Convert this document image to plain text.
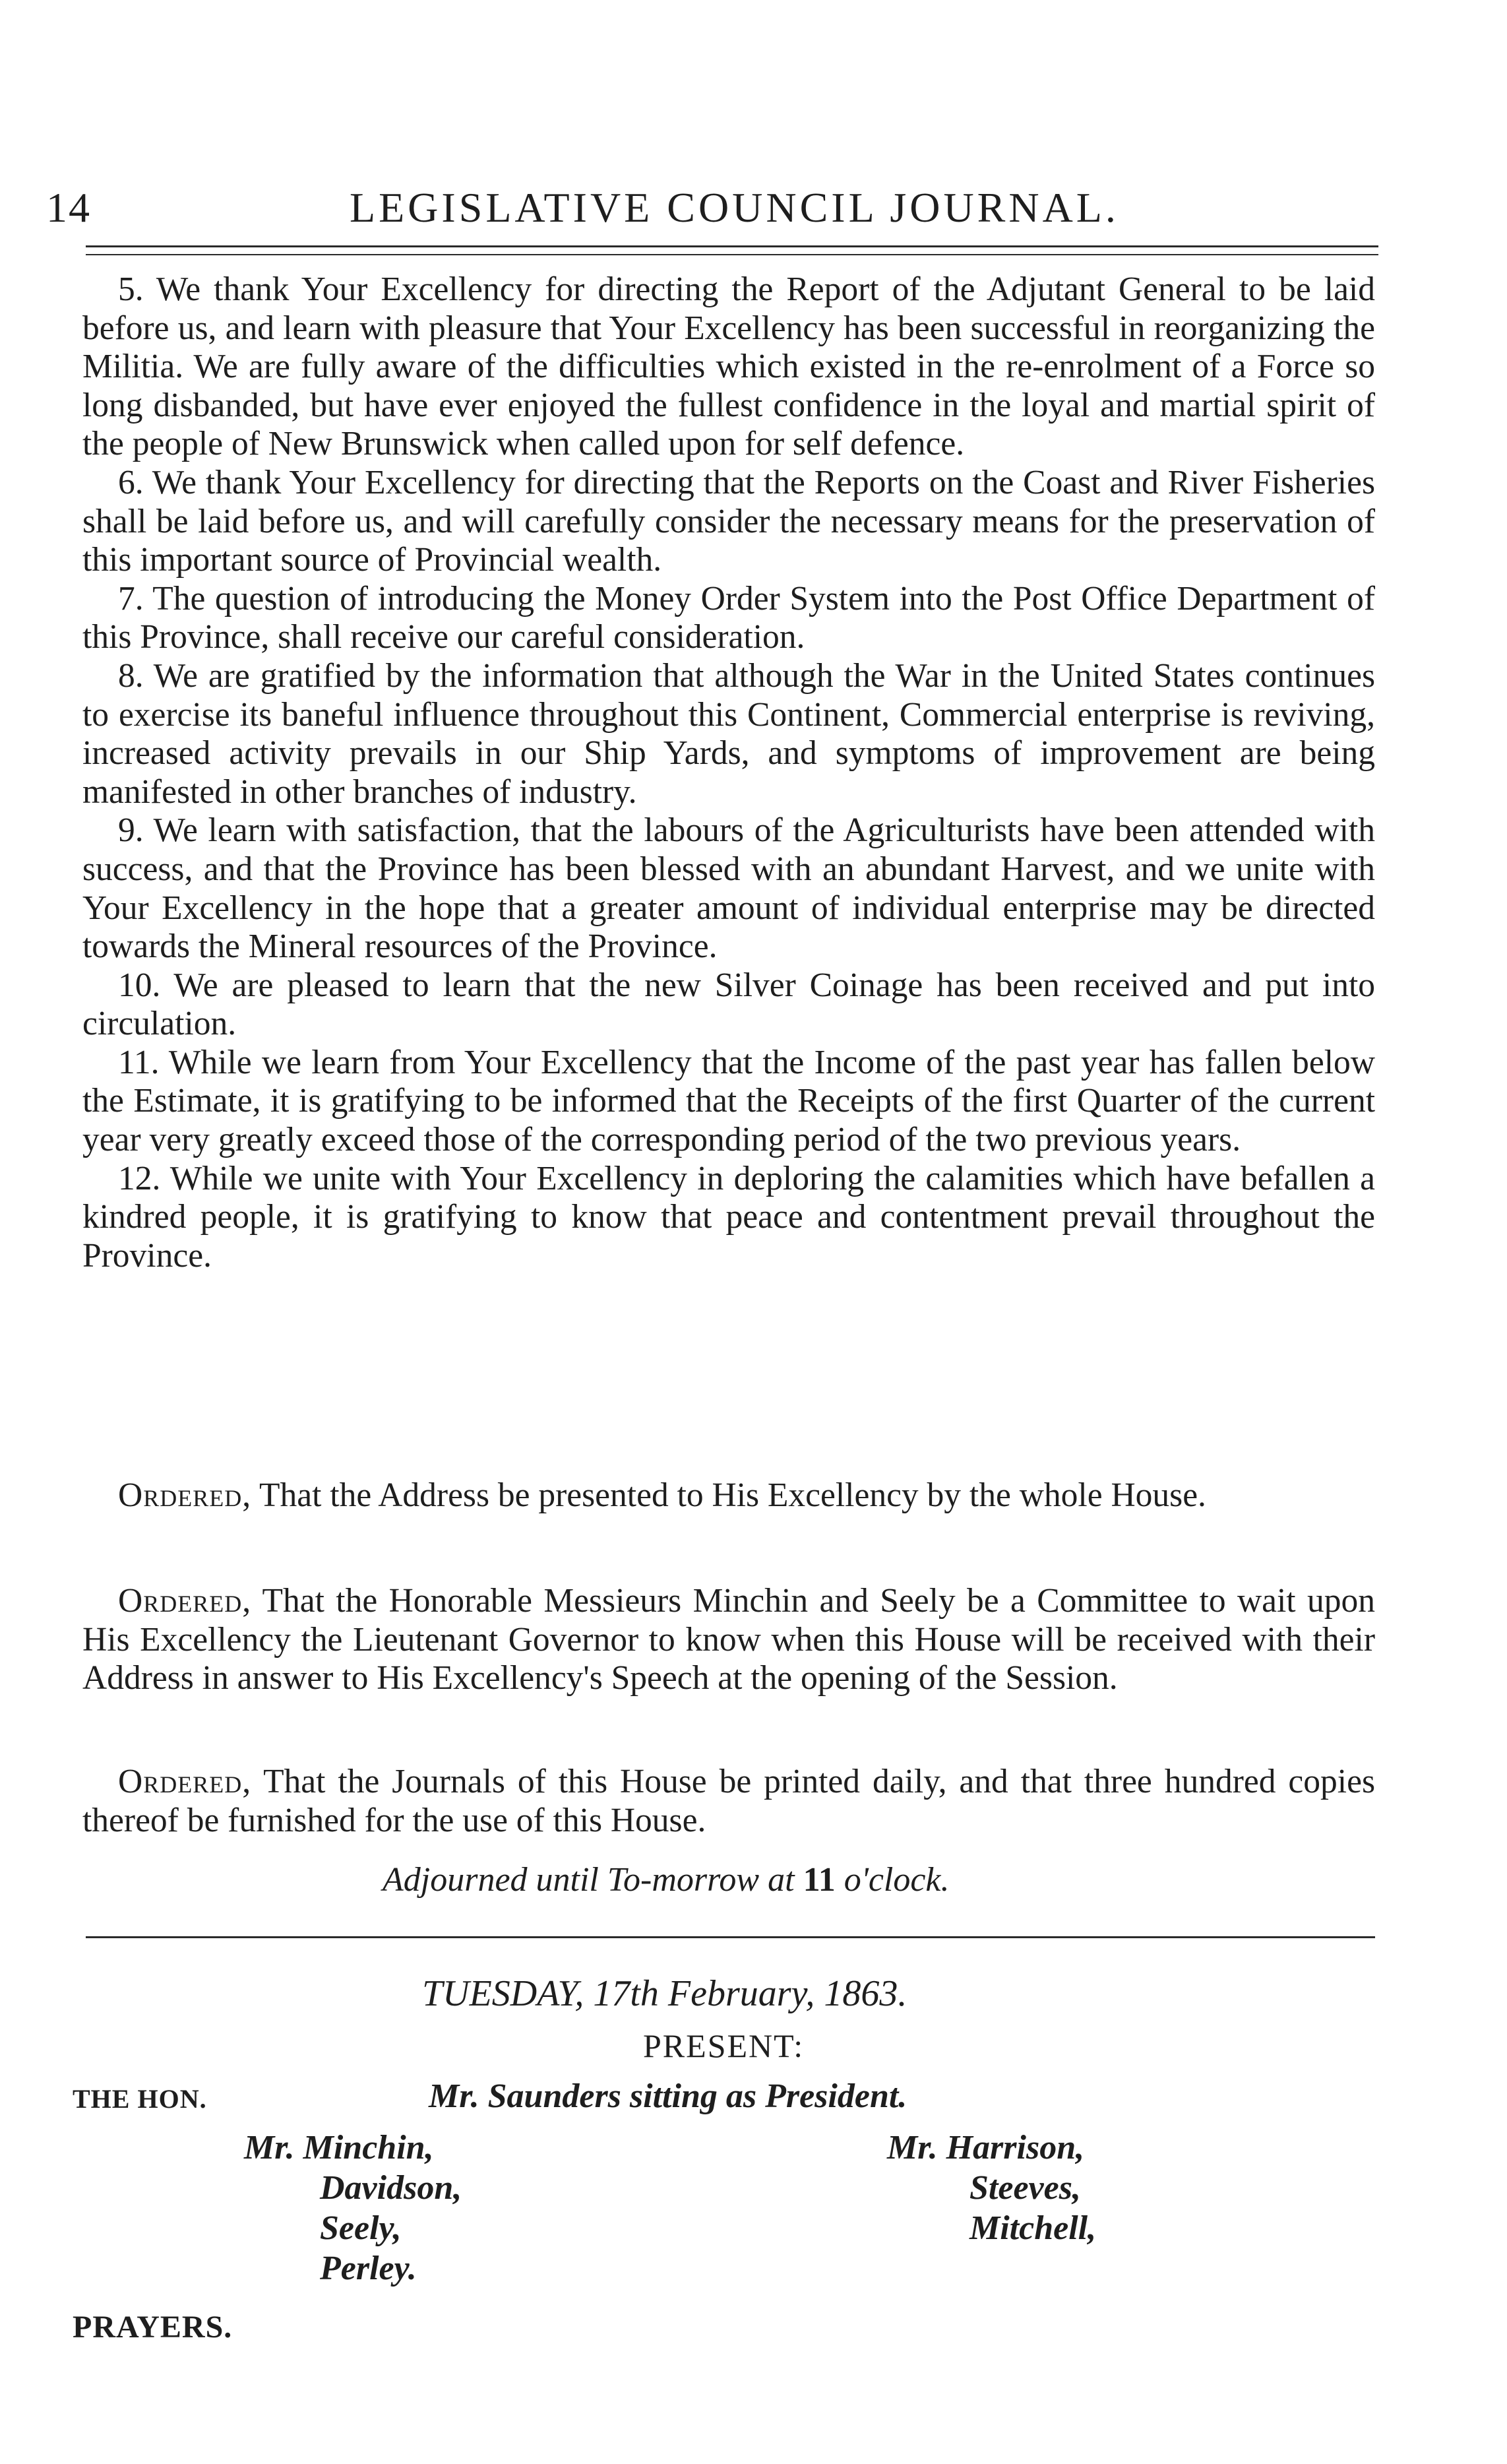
14	LEGISLATIVE COUNCIL JOURNAL.

5. We thank Your Excellency for directing the Report of the Adjutant General to be laid before us, and learn with pleasure that Your Excellency has been successful in reorganizing the Militia. We are fully aware of the difficulties which existed in the re-enrolment of a Force so long disbanded, but have ever enjoyed the fullest confidence in the loyal and martial spirit of the people of New Brunswick when called upon for self defence.

6. We thank Your Excellency for directing that the Reports on the Coast and River Fisheries shall be laid before us, and will carefully consider the necessary means for the preservation of this important source of Provincial wealth.

7. The question of introducing the Money Order System into the Post Office Department of this Province, shall receive our careful consideration.

8. We are gratified by the information that although the War in the United States continues to exercise its baneful influence throughout this Continent, Commercial enterprise is reviving, increased activity prevails in our Ship Yards, and symptoms of improvement are being manifested in other branches of industry.

9. We learn with satisfaction, that the labours of the Agriculturists have been attended with success, and that the Province has been blessed with an abundant Harvest, and we unite with Your Excellency in the hope that a greater amount of individual enterprise may be directed towards the Mineral resources of the Province.

10. We are pleased to learn that the new Silver Coinage has been received and put into circulation.

11. While we learn from Your Excellency that the Income of the past year has fallen below the Estimate, it is gratifying to be informed that the Receipts of the first Quarter of the current year very greatly exceed those of the corresponding period of the two previous years.

12. While we unite with Your Excellency in deploring the calamities which have befallen a kindred people, it is gratifying to know that peace and contentment prevail throughout the Province.

Ordered, That the Address be presented to His Excellency by the whole House.

Ordered, That the Honorable Messieurs Minchin and Seely be a Committee to wait upon His Excellency the Lieutenant Governor to know when this House will be received with their Address in answer to His Excellency's Speech at the opening of the Session.

Ordered, That the Journals of this House be printed daily, and that three hundred copies thereof be furnished for the use of this House.

Adjourned until To-morrow at 11 o'clock.
TUESDAY, 17th February, 1863.
PRESENT:
THE HON.	Mr. Saunders sitting as President.
Mr. Minchin,
Davidson,
Seely,
Perley.
Mr. Harrison,
Steeves,
Mitchell,
PRAYERS.
